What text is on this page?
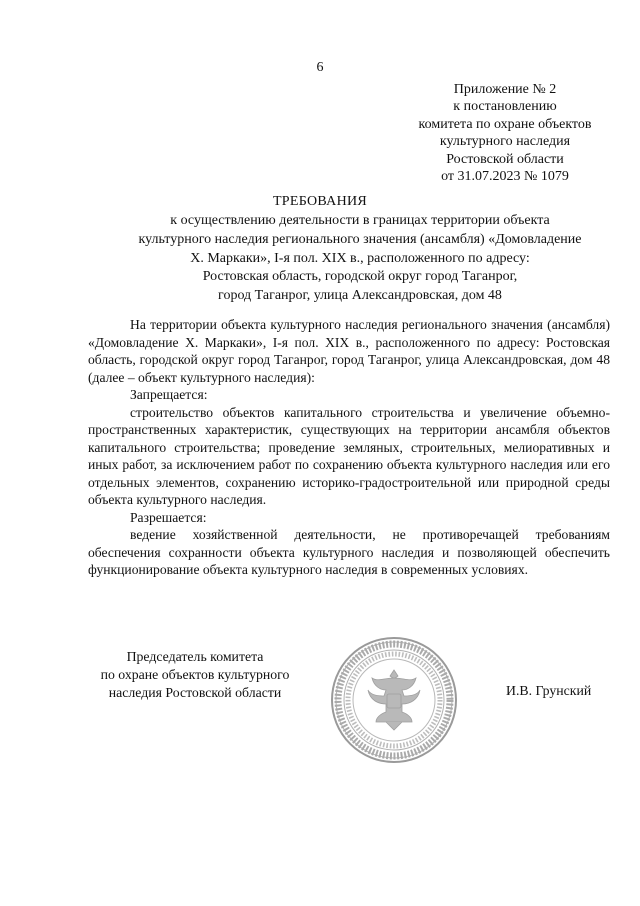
6
Приложение № 2
к постановлению
комитета по охране объектов
культурного наследия
Ростовской области
от 31.07.2023 № 1079
ТРЕБОВАНИЯ
к осуществлению деятельности в границах территории объекта
культурного наследия регионального значения (ансамбля) «Домовладение
Х. Маркаки», I-я пол. XIX в., расположенного по адресу:
Ростовская область, городской округ город Таганрог,
город Таганрог, улица Александровская, дом 48

На территории объекта культурного наследия регионального значения (ансамбля) «Домовладение Х. Маркаки», I-я пол. XIX в., расположенного по адресу: Ростовская область, городской округ город Таганрог, город Таганрог, улица Александровская, дом 48 (далее – объект культурного наследия):

Запрещается:

строительство объектов капитального строительства и увеличение объемно-пространственных характеристик, существующих на территории ансамбля объектов капитального строительства; проведение земляных, строительных, мелиоративных и иных работ, за исключением работ по сохранению объекта культурного наследия или его отдельных элементов, сохранению историко-градостроительной или природной среды объекта культурного наследия.

Разрешается:

ведение хозяйственной деятельности, не противоречащей требованиям обеспечения сохранности объекта культурного наследия и позволяющей обеспечить функционирование объекта культурного наследия в современных условиях.

Председатель комитета
по охране объектов культурного
наследия Ростовской области	И.В. Грунский
